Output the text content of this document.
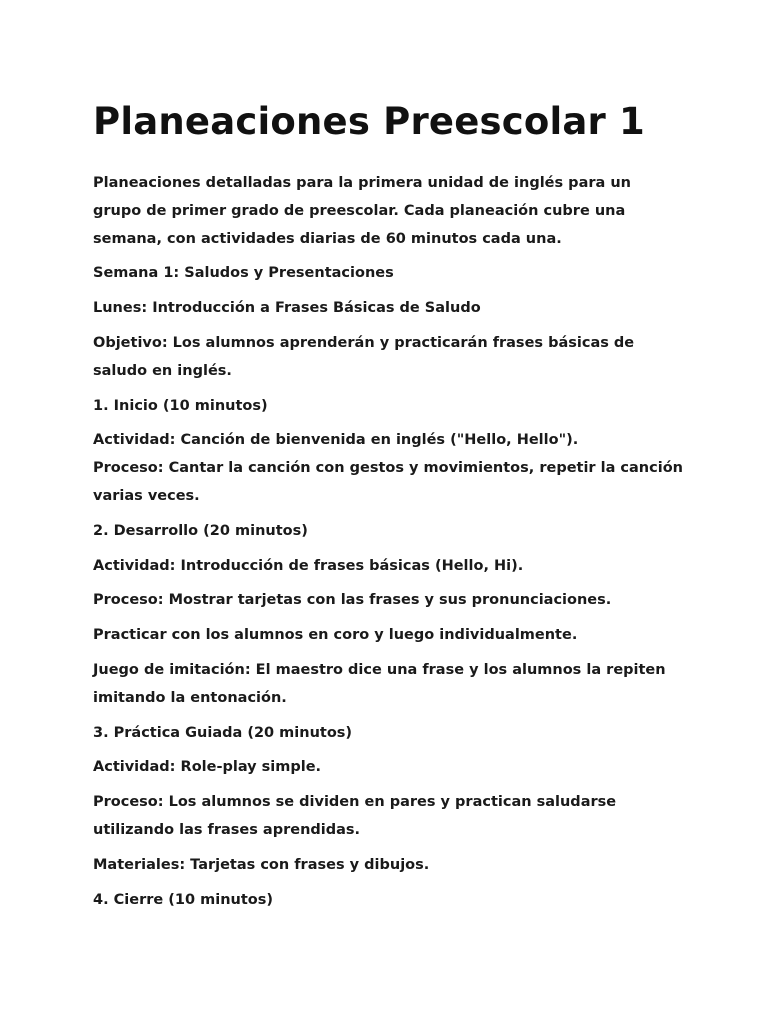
Planeaciones Preescolar 1

Planeaciones detalladas para la primera unidad de inglés para un grupo de primer grado de preescolar. Cada planeación cubre una semana, con actividades diarias de 60 minutos cada una.

Semana 1: Saludos y Presentaciones

Lunes: Introducción a Frases Básicas de Saludo

Objetivo: Los alumnos aprenderán y practicarán frases básicas de saludo en inglés.

1. Inicio (10 minutos)

Actividad: Canción de bienvenida en inglés ("Hello, Hello").

Proceso: Cantar la canción con gestos y movimientos, repetir la canción varias veces.

2. Desarrollo (20 minutos)

Actividad: Introducción de frases básicas (Hello, Hi).

Proceso: Mostrar tarjetas con las frases y sus pronunciaciones.

Practicar con los alumnos en coro y luego individualmente.

Juego de imitación: El maestro dice una frase y los alumnos la repiten imitando la entonación.

3. Práctica Guiada (20 minutos)

Actividad: Role-play simple.

Proceso: Los alumnos se dividen en pares y practican saludarse utilizando las frases aprendidas.

Materiales: Tarjetas con frases y dibujos.

4. Cierre (10 minutos)
